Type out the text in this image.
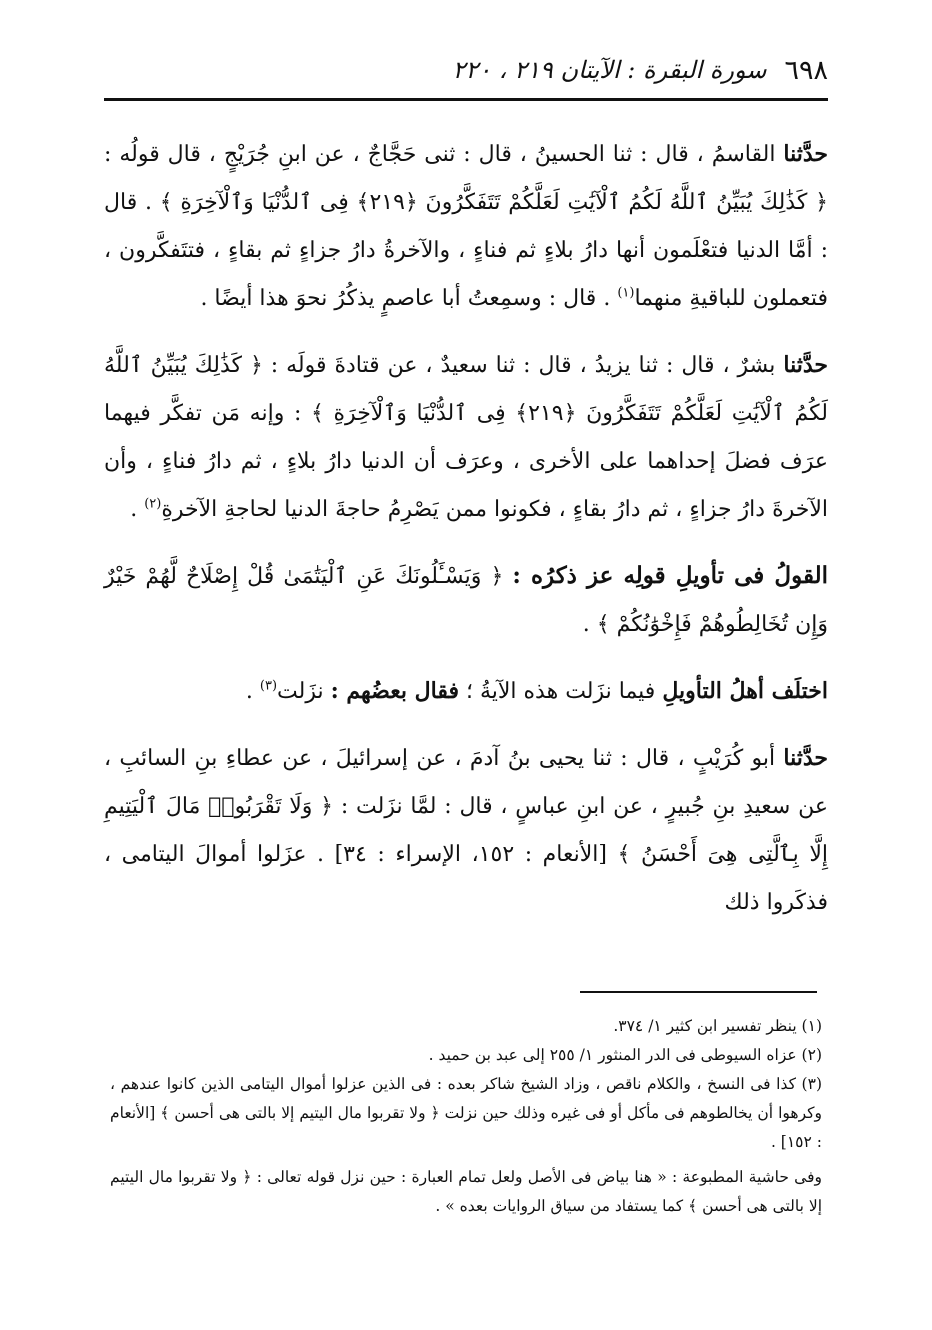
٦٩٨
سورة البقرة : الآيتان ٢١٩ ، ٢٢٠

حدَّثنا القاسمُ ، قال : ثنا الحسينُ ، قال : ثنى حَجَّاجٌ ، عن ابنِ جُرَيْجٍ ، قال قولُه : ﴿ كَذَٰلِكَ يُبَيِّنُ ٱللَّهُ لَكُمُ ٱلْآيَٰتِ لَعَلَّكُمْ تَتَفَكَّرُونَ ﴿٢١٩﴾ فِى ٱلدُّنْيَا وَٱلْآخِرَةِ ﴾ . قال : أمَّا الدنيا فتعْلَمون أنها دارُ بلاءٍ ثم فناءٍ ، والآخرةُ دارُ جزاءٍ ثم بقاءٍ ، فتتَفكَّرون ، فتعملون للباقيةِ منهما$^{(١)}$ . قال : وسمِعتُ أبا عاصمٍ يذكُرُ نحوَ هذا أيضًا .

حدَّثنا بشرٌ ، قال : ثنا يزيدُ ، قال : ثنا سعيدٌ ، عن قتادةَ قولَه : ﴿ كَذَٰلِكَ يُبَيِّنُ ٱللَّهُ لَكُمُ ٱلْآيَٰتِ لَعَلَّكُمْ تَتَفَكَّرُونَ ﴿٢١٩﴾ فِى ٱلدُّنْيَا وَٱلْآخِرَةِ ﴾ : وإنه مَن تفكَّر فيهما عرَف فضلَ إحداهما على الأخرى ، وعرَف أن الدنيا دارُ بلاءٍ ، ثم دارُ فناءٍ ، وأن الآخرةَ دارُ جزاءٍ ، ثم دارُ بقاءٍ ، فكونوا ممن يَصْرِمُ حاجةَ الدنيا لحاجةِ الآخرةِ$^{(٢)}$ .

القولُ فى تأويلِ قولِه عز ذكرُه : ﴿ وَيَسْـَٔلُونَكَ عَنِ ٱلْيَتَٰمَىٰ قُلْ إِصْلَاحٌ لَّهُمْ خَيْرٌ وَإِن تُخَالِطُوهُمْ فَإِخْوَٰنُكُمْ ﴾ .

اختلَف أهلُ التأويلِ فيما نزَلت هذه الآيةُ ؛ فقال بعضُهم : نزَلت$^{(٣)}$ .

حدَّثنا أبو كُرَيْبٍ ، قال : ثنا يحيى بنُ آدمَ ، عن إسرائيلَ ، عن عطاءِ بنِ السائبِ ، عن سعيدِ بنِ جُبيرٍ ، عن ابنِ عباسٍ ، قال : لمَّا نزَلت : ﴿ وَلَا تَقْرَبُوا۟ مَالَ ٱلْيَتِيمِ إِلَّا بِٱلَّتِى هِىَ أَحْسَنُ ﴾ [الأنعام : ١٥٢، الإسراء : ٣٤] . عزَلوا أموالَ اليتامى ، فذكَروا ذلك

(١) ينظر تفسير ابن كثير ١/ ٣٧٤.

(٢) عزاه السيوطى فى الدر المنثور ١/ ٢٥٥ إلى عبد بن حميد .

(٣) كذا فى النسخ ، والكلام ناقص ، وزاد الشيخ شاكر بعده : فى الذين عزلوا أموال اليتامى الذين كانوا عندهم ، وكرهوا أن يخالطوهم فى مأكل أو فى غيره وذلك حين نزلت ﴿ ولا تقربوا مال اليتيم إلا بالتى هى أحسن ﴾ [الأنعام : ١٥٢] .

وفى حاشية المطبوعة : « هنا بياض فى الأصل ولعل تمام العبارة : حين نزل قوله تعالى : ﴿ ولا تقربوا مال اليتيم إلا بالتى هى أحسن ﴾ كما يستفاد من سياق الروايات بعده » .
